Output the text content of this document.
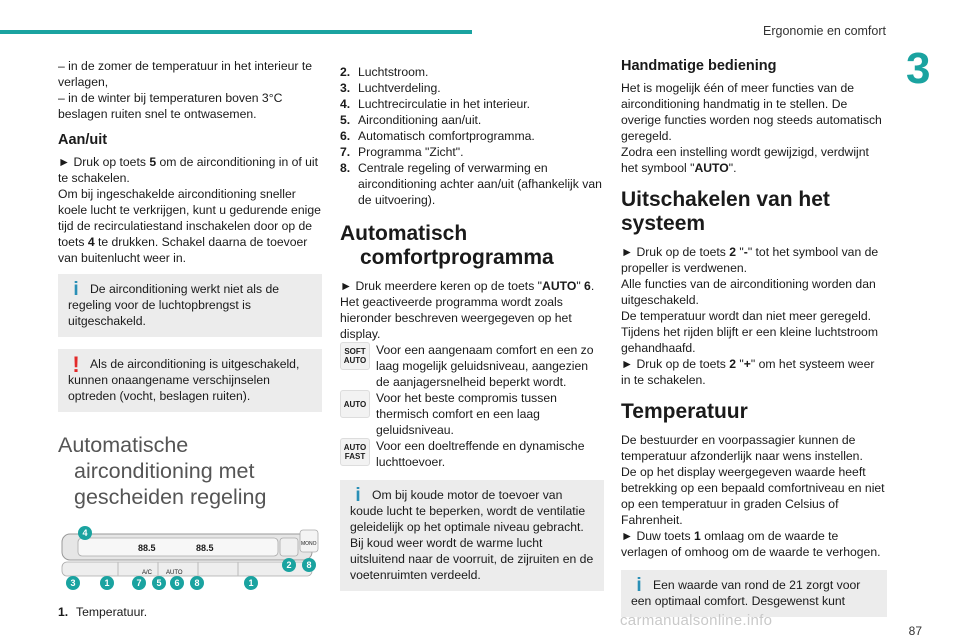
Ergonomie en comfort
3

– in de zomer de temperatuur in het interieur te verlagen,

– in de winter bij temperaturen boven 3°C beslagen ruiten snel te ontwasemen.

Aan/uit

► Druk op toets 5 om de airconditioning in of uit te schakelen.

Om bij ingeschakelde airconditioning sneller koele lucht te verkrijgen, kunt u gedurende enige tijd de recirculatiestand inschakelen door op de toets 4 te drukken. Schakel daarna de toevoer van buitenlucht weer in.

i De airconditioning werkt niet als de regeling voor de luchtopbrengst is uitgeschakeld.

! Als de airconditioning is uitgeschakeld, kunnen onaangename verschijnselen optreden (vocht, beslagen ruiten).

Automatische
airconditioning met
gescheiden regeling
88.5	88.5
A/C AUTO
MONO
4
3	1	7	5	6	8	1
2	8
1. Temperatuur.
2. Luchtstroom.
3. Luchtverdeling.
4. Luchtrecirculatie in het interieur.
5. Airconditioning aan/uit.
6. Automatisch comfortprogramma.
7. Programma "Zicht".
8. Centrale regeling of verwarming en airconditioning achter aan/uit (afhankelijk van de uitvoering).
Automatisch
comfortprogramma

► Druk meerdere keren op de toets "AUTO" 6. Het geactiveerde programma wordt zoals hieronder beschreven weergegeven op het display.

SOFT AUTO

Voor een aangenaam comfort en een zo laag mogelijk geluidsniveau, aangezien de aanjagersnelheid beperkt wordt.

AUTO Voor het beste compromis tussen thermisch comfort en een laag geluidsniveau.

AUTO FAST

Voor een doeltreffende en dynamische luchttoevoer.

i Om bij koude motor de toevoer van koude lucht te beperken, wordt de ventilatie geleidelijk op het optimale niveau gebracht.

Bij koud weer wordt de warme lucht uitsluitend naar de voorruit, de zijruiten en de voetenruimten verdeeld.

Handmatige bediening

Het is mogelijk één of meer functies van de airconditioning handmatig in te stellen. De overige functies worden nog steeds automatisch geregeld.

Zodra een instelling wordt gewijzigd, verdwijnt het symbool "AUTO".

Uitschakelen van het
systeem

► Druk op de toets 2 "-" tot het symbool van de propeller is verdwenen.

Alle functies van de airconditioning worden dan uitgeschakeld.

De temperatuur wordt dan niet meer geregeld. Tijdens het rijden blijft er een kleine luchtstroom gehandhaafd.

► Druk op de toets 2 "+" om het systeem weer in te schakelen.

Temperatuur

De bestuurder en voorpassagier kunnen de temperatuur afzonderlijk naar wens instellen.

De op het display weergegeven waarde heeft betrekking op een bepaald comfortniveau en niet op een temperatuur in graden Celsius of Fahrenheit.

► Duw toets 1 omlaag om de waarde te verlagen of omhoog om de waarde te verhogen.

i Een waarde van rond de 21 zorgt voor een optimaal comfort. Desgewenst kunt

carmanualsonline.info
87
